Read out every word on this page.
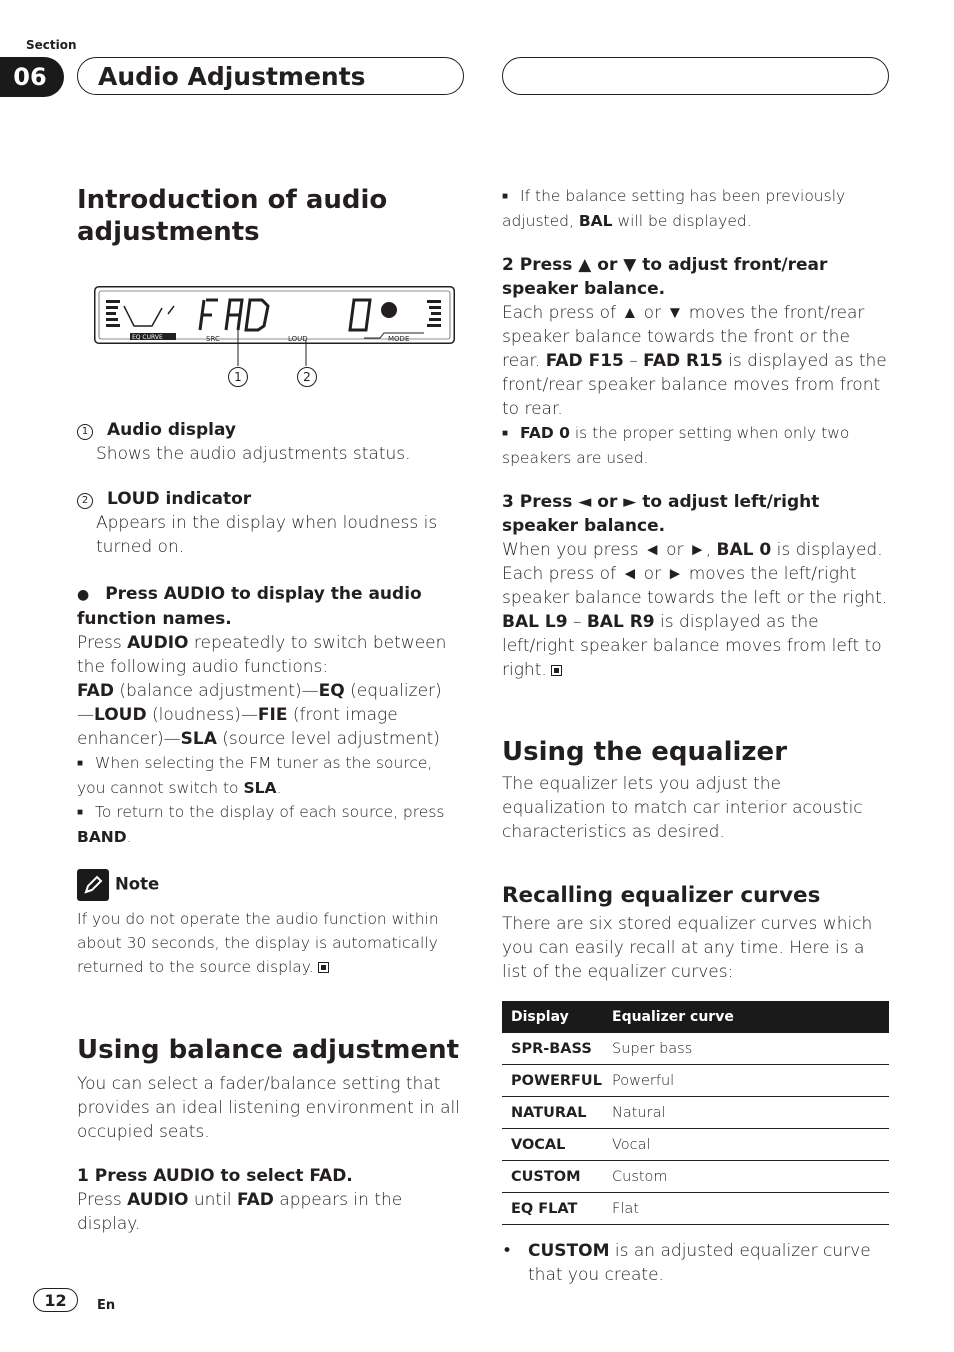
Section
06	Audio Adjustments
Introduction of audio adjustments
EQ CURVE	SRC	LOUD	MODE
1	2
1 Audio display

Shows the audio adjustments status.

2 LOUD indicator

Appears in the display when loudness is turned on.

● Press AUDIO to display the audio function names.

Press AUDIO repeatedly to switch between the following audio functions:

FAD (balance adjustment)—EQ (equalizer) —LOUD (loudness)—FIE (front image enhancer)—SLA (source level adjustment)

■ When selecting the FM tuner as the source, you cannot switch to SLA.

■ To return to the display of each source, press BAND.

Note

If you do not operate the audio function within about 30 seconds, the display is automatically returned to the source display.

Using balance adjustment

You can select a fader/balance setting that provides an ideal listening environment in all occupied seats.

1 Press AUDIO to select FAD.

Press AUDIO until FAD appears in the display.

■ If the balance setting has been previously adjusted, BAL will be displayed.

2 Press ▲ or ▼ to adjust front/rear speaker balance.

Each press of ▲ or ▼ moves the front/rear speaker balance towards the front or the rear. FAD F15 – FAD R15 is displayed as the front/rear speaker balance moves from front to rear.

■ FAD 0 is the proper setting when only two speakers are used.

3 Press ◄ or ► to adjust left/right speaker balance.

When you press ◄ or ►, BAL 0 is displayed. Each press of ◄ or ► moves the left/right speaker balance towards the left or the right. BAL L9 – BAL R9 is displayed as the left/right speaker balance moves from left to right.

Using the equalizer

The equalizer lets you adjust the equalization to match car interior acoustic characteristics as desired.

Recalling equalizer curves

There are six stored equalizer curves which you can easily recall at any time. Here is a list of the equalizer curves:

Display	Equalizer curve
SPR-BASS	Super bass
POWERFUL	Powerful
NATURAL	Natural
VOCAL	Vocal
CUSTOM	Custom
EQ FLAT	Flat
• CUSTOM is an adjusted equalizer curve that you create.

12	En
